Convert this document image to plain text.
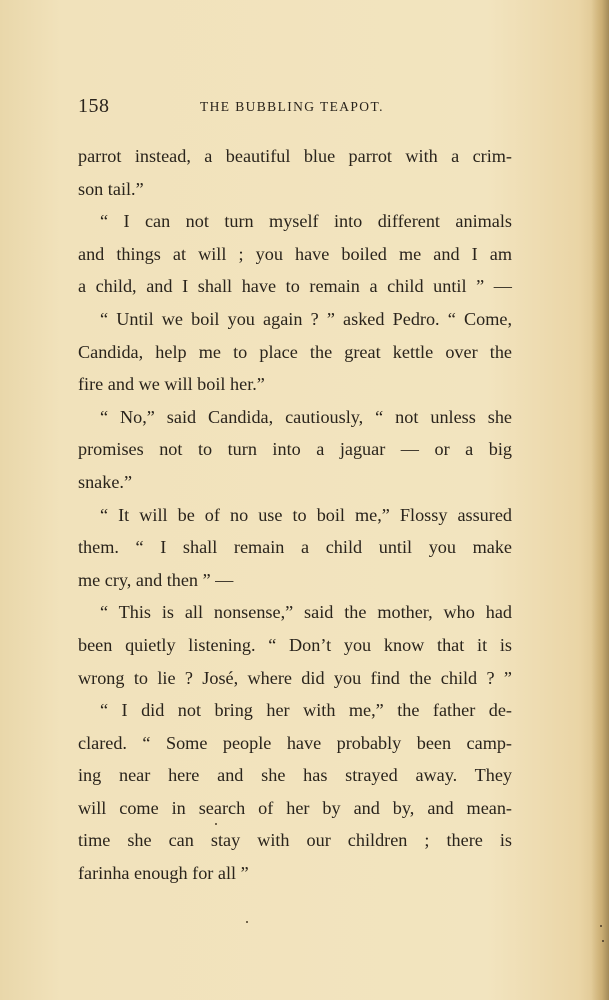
158	THE BUBBLING TEAPOT.
parrot instead, a beautiful blue parrot with a crim-
son tail.”
“ I can not turn myself into different animals
and things at will ; you have boiled me and I am
a child, and I shall have to remain a child until ” —
“ Until we boil you again ? ” asked Pedro. “ Come,
Candida, help me to place the great kettle over the
fire and we will boil her.”
“ No,” said Candida, cautiously, “ not unless she
promises not to turn into a jaguar — or a big
snake.”
“ It will be of no use to boil me,” Flossy assured
them. “ I shall remain a child until you make
me cry, and then ” —
“ This is all nonsense,” said the mother, who had
been quietly listening. “ Don’t you know that it is
wrong to lie ? José, where did you find the child ? ”
“ I did not bring her with me,” the father de-
clared. “ Some people have probably been camp-
ing near here and she has strayed away. They
will come in search of her by and by, and mean-
time she can stay with our children ; there is
farinha enough for all ”
